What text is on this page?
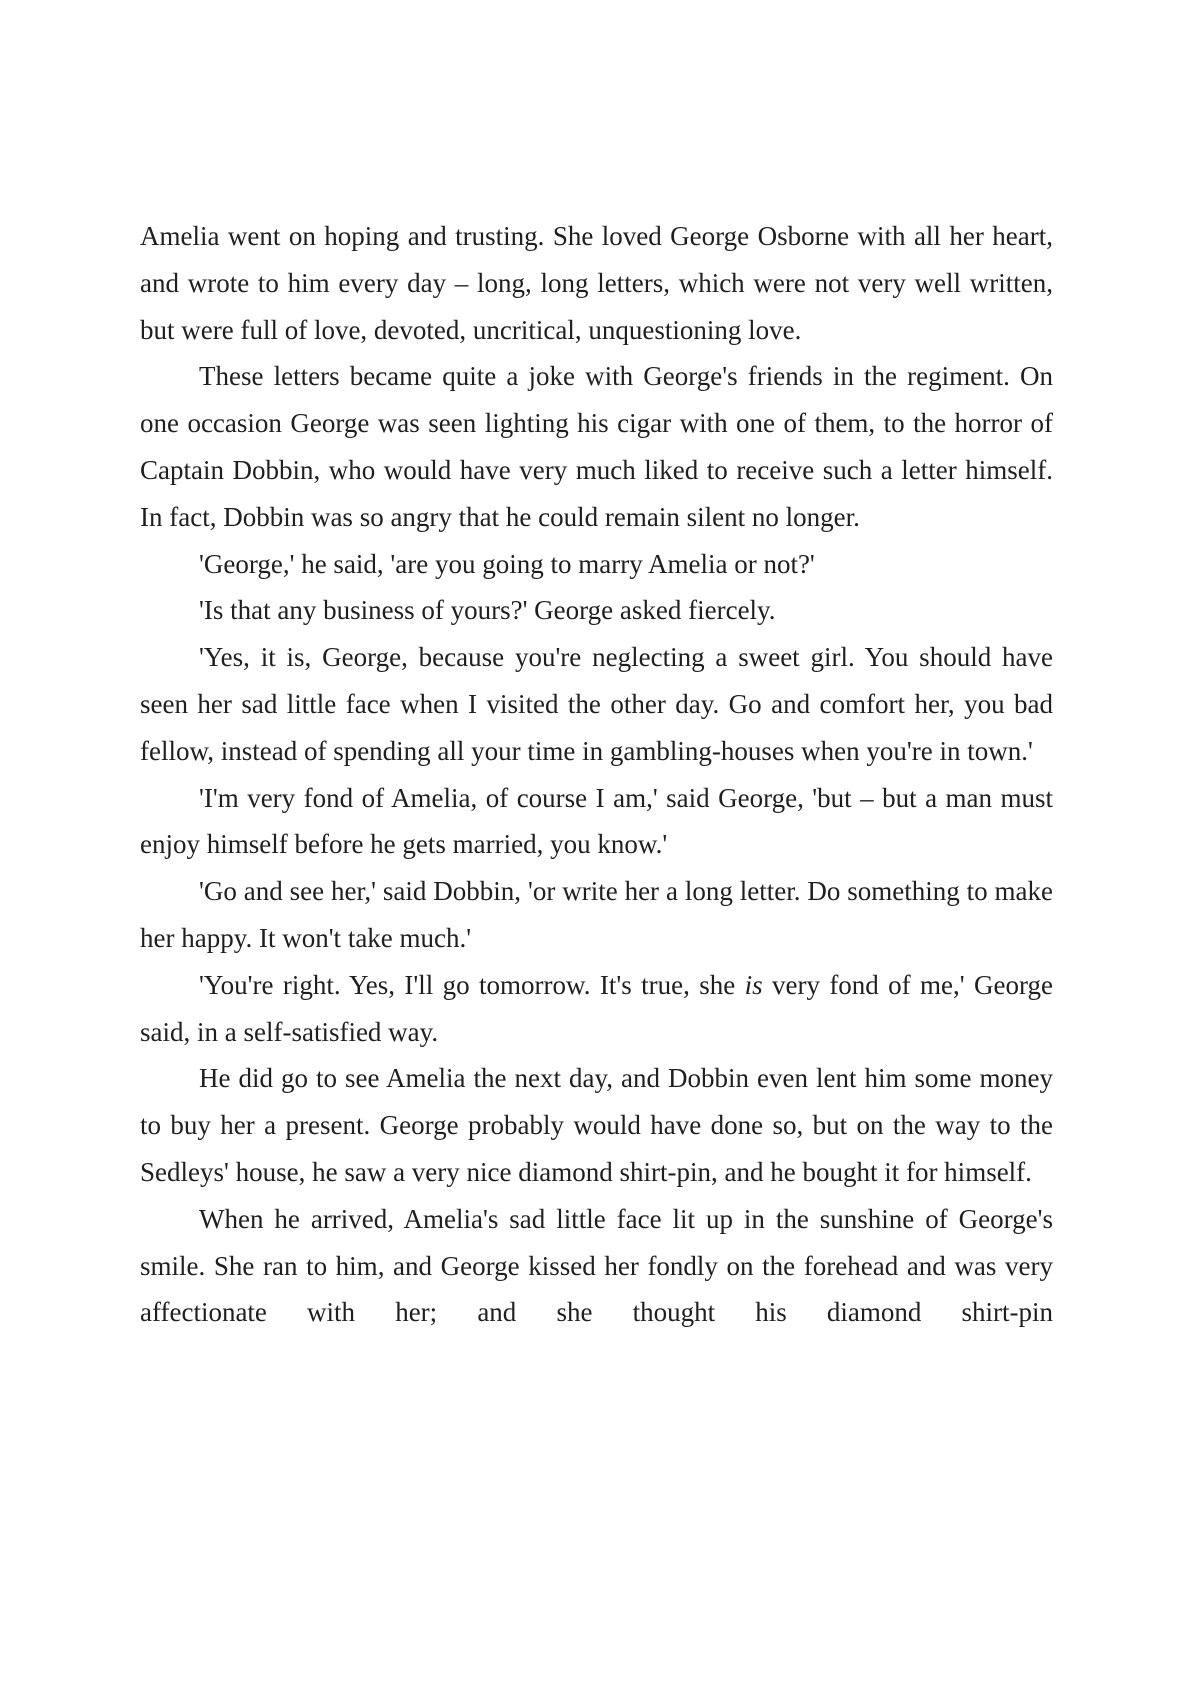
Amelia went on hoping and trusting. She loved George Osborne with all her heart, and wrote to him every day – long, long letters, which were not very well written, but were full of love, devoted, uncritical, unquestioning love.

These letters became quite a joke with George's friends in the regiment. On one occasion George was seen lighting his cigar with one of them, to the horror of Captain Dobbin, who would have very much liked to receive such a letter himself. In fact, Dobbin was so angry that he could remain silent no longer.

'George,' he said, 'are you going to marry Amelia or not?'

'Is that any business of yours?' George asked fiercely.

'Yes, it is, George, because you're neglecting a sweet girl. You should have seen her sad little face when I visited the other day. Go and comfort her, you bad fellow, instead of spending all your time in gambling-houses when you're in town.'

'I'm very fond of Amelia, of course I am,' said George, 'but – but a man must enjoy himself before he gets married, you know.'

'Go and see her,' said Dobbin, 'or write her a long letter. Do something to make her happy. It won't take much.'

'You're right. Yes, I'll go tomorrow. It's true, she is very fond of me,' George said, in a self-satisfied way.

He did go to see Amelia the next day, and Dobbin even lent him some money to buy her a present. George probably would have done so, but on the way to the Sedleys' house, he saw a very nice diamond shirt-pin, and he bought it for himself.

When he arrived, Amelia's sad little face lit up in the sunshine of George's smile. She ran to him, and George kissed her fondly on the forehead and was very affectionate with her; and she thought his diamond shirt-pin
